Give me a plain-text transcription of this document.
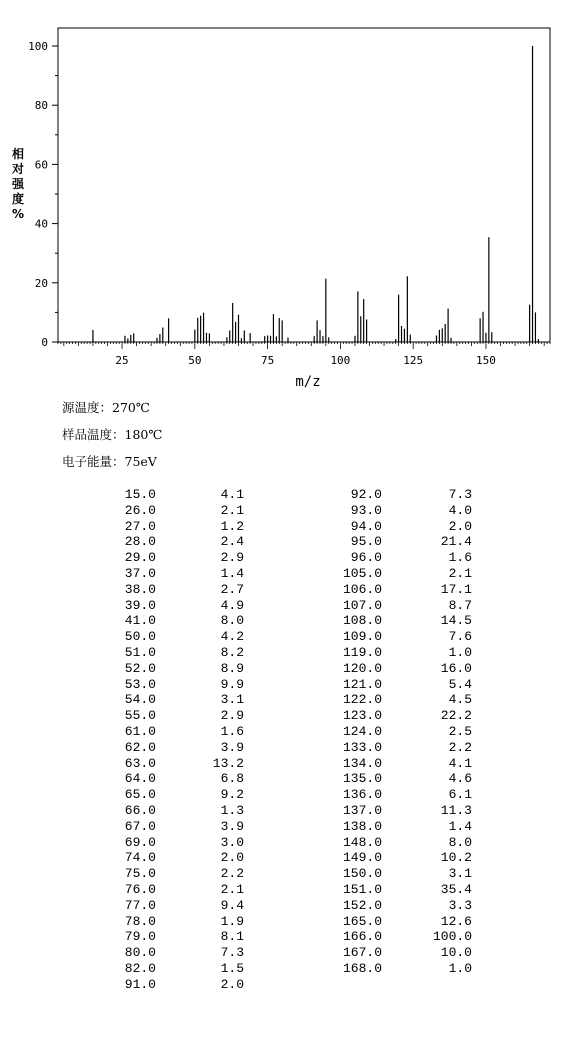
0
20
40
60
80
100
25	50	75	100	125	150
相
对
强
度
%
m/z
源温度：270℃
样品温度：180℃
电子能量：75eV
15.0	4.1	92.0	7.3
26.0	2.1	93.0	4.0
27.0	1.2	94.0	2.0
28.0	2.4	95.0	21.4
29.0	2.9	96.0	1.6
37.0	1.4	105.0	2.1
38.0	2.7	106.0	17.1
39.0	4.9	107.0	8.7
41.0	8.0	108.0	14.5
50.0	4.2	109.0	7.6
51.0	8.2	119.0	1.0
52.0	8.9	120.0	16.0
53.0	9.9	121.0	5.4
54.0	3.1	122.0	4.5
55.0	2.9	123.0	22.2
61.0	1.6	124.0	2.5
62.0	3.9	133.0	2.2
63.0	13.2	134.0	4.1
64.0	6.8	135.0	4.6
65.0	9.2	136.0	6.1
66.0	1.3	137.0	11.3
67.0	3.9	138.0	1.4
69.0	3.0	148.0	8.0
74.0	2.0	149.0	10.2
75.0	2.2	150.0	3.1
76.0	2.1	151.0	35.4
77.0	9.4	152.0	3.3
78.0	1.9	165.0	12.6
79.0	8.1	166.0	100.0
80.0	7.3	167.0	10.0
82.0	1.5	168.0	1.0
91.0	2.0
